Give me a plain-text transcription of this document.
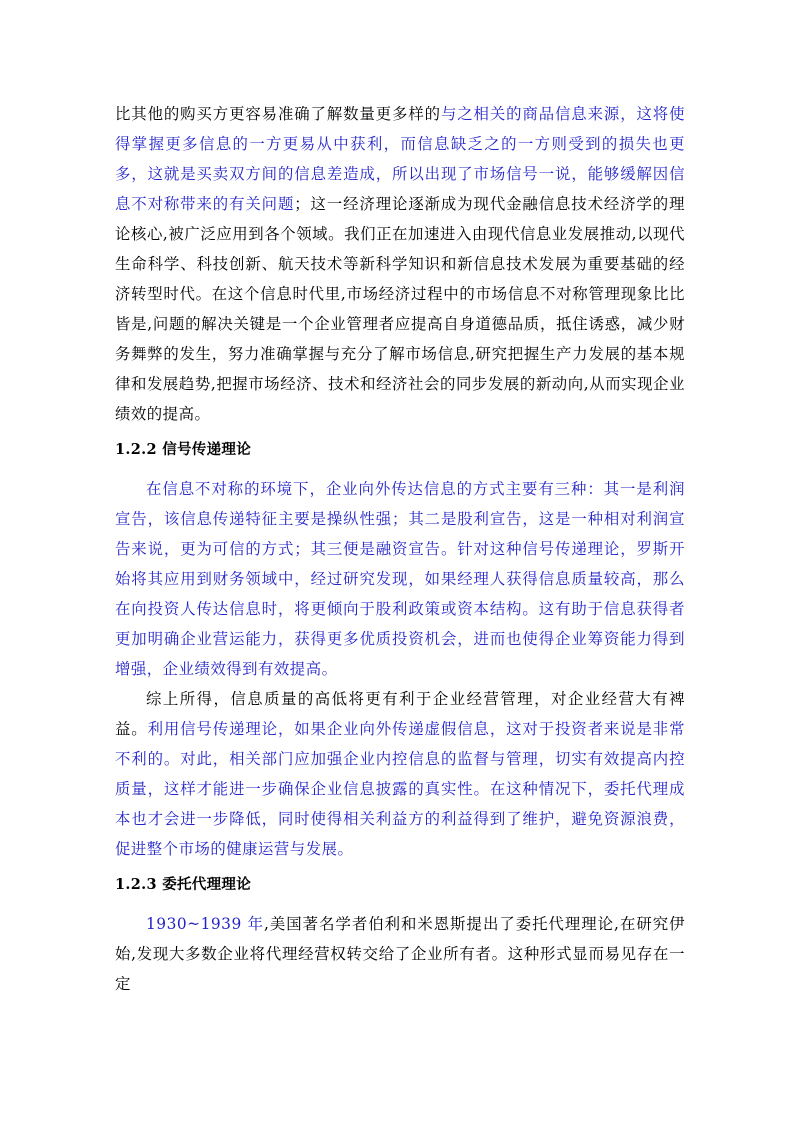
比其他的购买方更容易准确了解数量更多样的与之相关的商品信息来源，这将使得掌握更多信息的一方更易从中获利，而信息缺乏之的一方则受到的损失也更多，这就是买卖双方间的信息差造成，所以出现了市场信号一说，能够缓解因信息不对称带来的有关问题；这一经济理论逐渐成为现代金融信息技术经济学的理论核心,被广泛应用到各个领域。我们正在加速进入由现代信息业发展推动,以现代生命科学、科技创新、航天技术等新科学知识和新信息技术发展为重要基础的经济转型时代。在这个信息时代里,市场经济过程中的市场信息不对称管理现象比比皆是,问题的解决关键是一个企业管理者应提高自身道德品质，抵住诱惑，减少财务舞弊的发生，努力准确掌握与充分了解市场信息,研究把握生产力发展的基本规律和发展趋势,把握市场经济、技术和经济社会的同步发展的新动向,从而实现企业绩效的提高。

1.2.2 信号传递理论

在信息不对称的环境下，企业向外传达信息的方式主要有三种：其一是利润宣告，该信息传递特征主要是操纵性强；其二是股利宣告，这是一种相对利润宣告来说，更为可信的方式；其三便是融资宣告。针对这种信号传递理论，罗斯开始将其应用到财务领域中，经过研究发现，如果经理人获得信息质量较高，那么在向投资人传达信息时，将更倾向于股利政策或资本结构。这有助于信息获得者更加明确企业营运能力，获得更多优质投资机会，进而也使得企业筹资能力得到增强，企业绩效得到有效提高。

综上所得，信息质量的高低将更有利于企业经营管理，对企业经营大有裨益。利用信号传递理论，如果企业向外传递虚假信息，这对于投资者来说是非常不利的。对此，相关部门应加强企业内控信息的监督与管理，切实有效提高内控质量，这样才能进一步确保企业信息披露的真实性。在这种情况下，委托代理成本也才会进一步降低，同时使得相关利益方的利益得到了维护，避免资源浪费，促进整个市场的健康运营与发展。

1.2.3 委托代理理论

1930~1939 年,美国著名学者伯利和米恩斯提出了委托代理理论,在研究伊始,发现大多数企业将代理经营权转交给了企业所有者。这种形式显而易见存在一定
